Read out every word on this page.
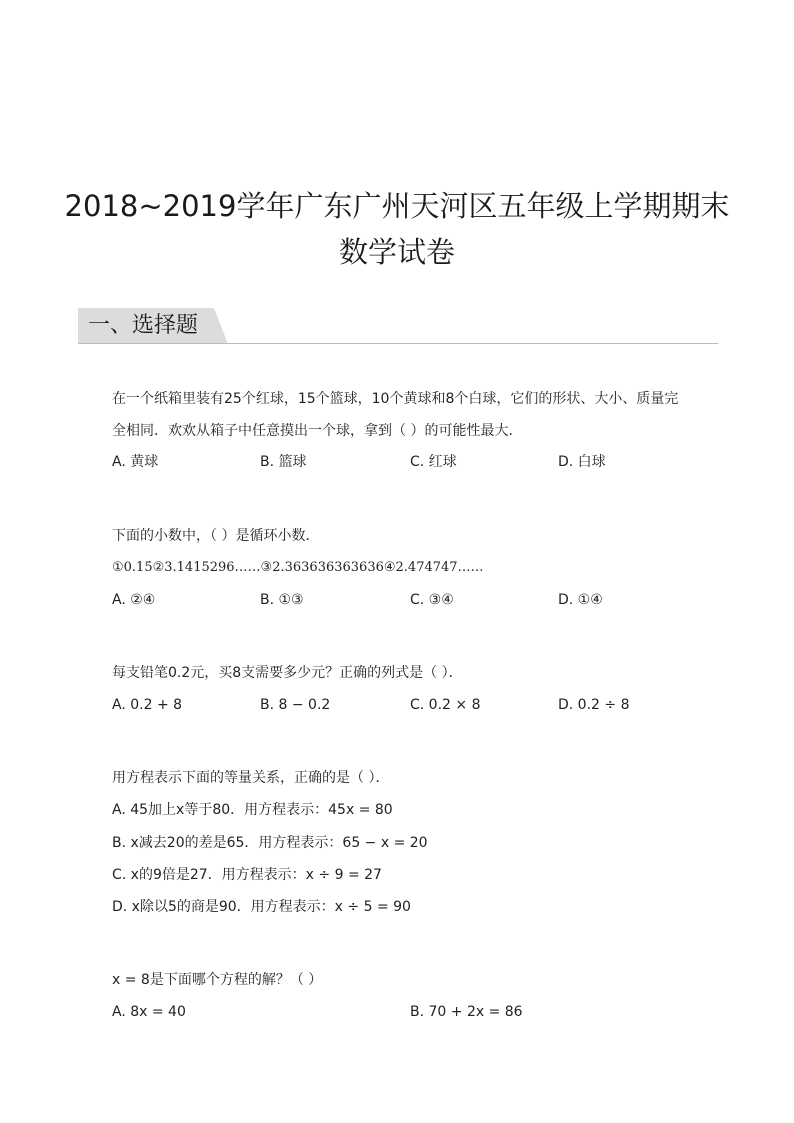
2018~2019学年广东广州天河区五年级上学期期末
数学试卷
一、选择题
在一个纸箱里装有25个红球，15个篮球，10个黄球和8个白球，它们的形状、大小、质量完
全相同．欢欢从箱子中任意摸出一个球，拿到（ ）的可能性最大．
A. 黄球	B. 篮球	C. 红球	D. 白球
下面的小数中，（ ）是循环小数．
①0.15̇②3.1415296……③2.363636363636④2.474747……
A. ②④	B. ①③	C. ③④	D. ①④
每支铅笔0.2元，买8支需要多少元？正确的列式是（ ）．
A. 0.2 + 8	B. 8 − 0.2	C. 0.2 × 8	D. 0.2 ÷ 8
用方程表示下面的等量关系，正确的是（ ）．
A. 45加上x等于80．用方程表示：45x = 80
B. x减去20的差是65．用方程表示：65 − x = 20
C. x的9倍是27．用方程表示：x ÷ 9 = 27
D. x除以5的商是90．用方程表示：x ÷ 5 = 90
x = 8是下面哪个方程的解？（ ）
A. 8x = 40	B. 70 + 2x = 86
